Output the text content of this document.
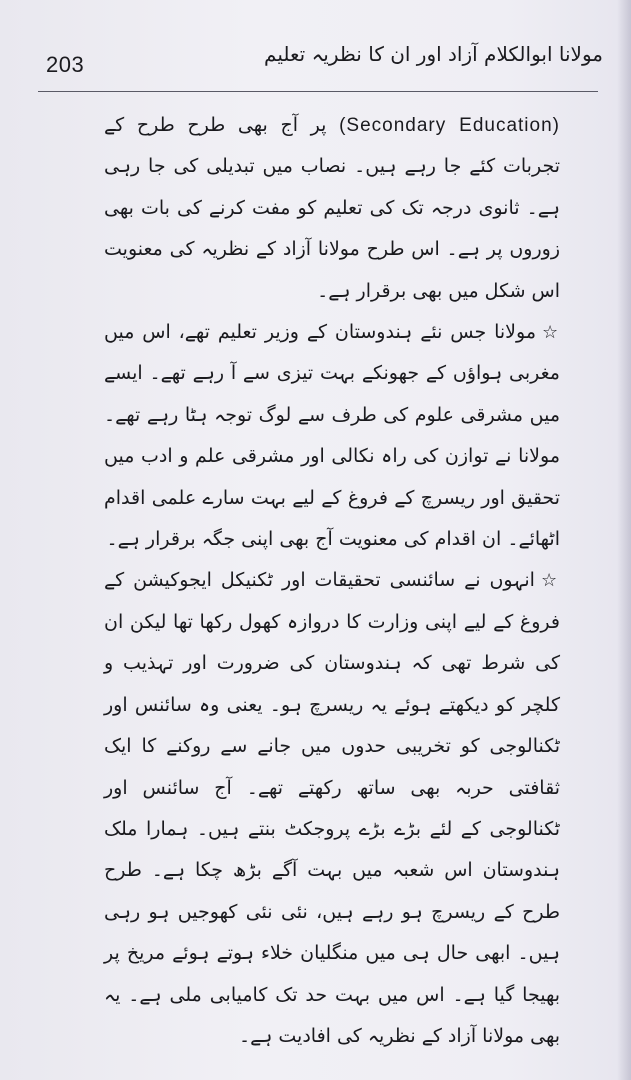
203	مولانا ابوالکلام آزاد اور ان کا نظریہ تعلیم

(Secondary Education) پر آج بھی طرح طرح کے تجربات کئے جا رہے ہیں۔ نصاب میں تبدیلی کی جا رہی ہے۔ ثانوی درجہ تک کی تعلیم کو مفت کرنے کی بات بھی زوروں پر ہے۔ اس طرح مولانا آزاد کے نظریہ کی معنویت اس شکل میں بھی برقرار ہے۔

☆مولانا جس نئے ہندوستان کے وزیر تعلیم تھے، اس میں مغربی ہواؤں کے جھونکے بہت تیزی سے آ رہے تھے۔ ایسے میں مشرقی علوم کی طرف سے لوگ توجہ ہٹا رہے تھے۔ مولانا نے توازن کی راہ نکالی اور مشرقی علم و ادب میں تحقیق اور ریسرچ کے فروغ کے لیے بہت سارے علمی اقدام اٹھائے۔ ان اقدام کی معنویت آج بھی اپنی جگہ برقرار ہے۔

☆انہوں نے سائنسی تحقیقات اور ٹکنیکل ایجوکیشن کے فروغ کے لیے اپنی وزارت کا دروازہ کھول رکھا تھا لیکن ان کی شرط تھی کہ ہندوستان کی ضرورت اور تہذیب و کلچر کو دیکھتے ہوئے یہ ریسرچ ہو۔ یعنی وہ سائنس اور ٹکنالوجی کو تخریبی حدوں میں جانے سے روکنے کا ایک ثقافتی حربہ بھی ساتھ رکھتے تھے۔ آج سائنس اور ٹکنالوجی کے لئے بڑے بڑے پروجکٹ بنتے ہیں۔ ہمارا ملک ہندوستان اس شعبہ میں بہت آگے بڑھ چکا ہے۔ طرح طرح کے ریسرچ ہو رہے ہیں، نئی نئی کھوجیں ہو رہی ہیں۔ ابھی حال ہی میں منگلیان خلاء ہوتے ہوئے مریخ پر بھیجا گیا ہے۔ اس میں بہت حد تک کامیابی ملی ہے۔ یہ بھی مولانا آزاد کے نظریہ کی افادیت ہے۔
